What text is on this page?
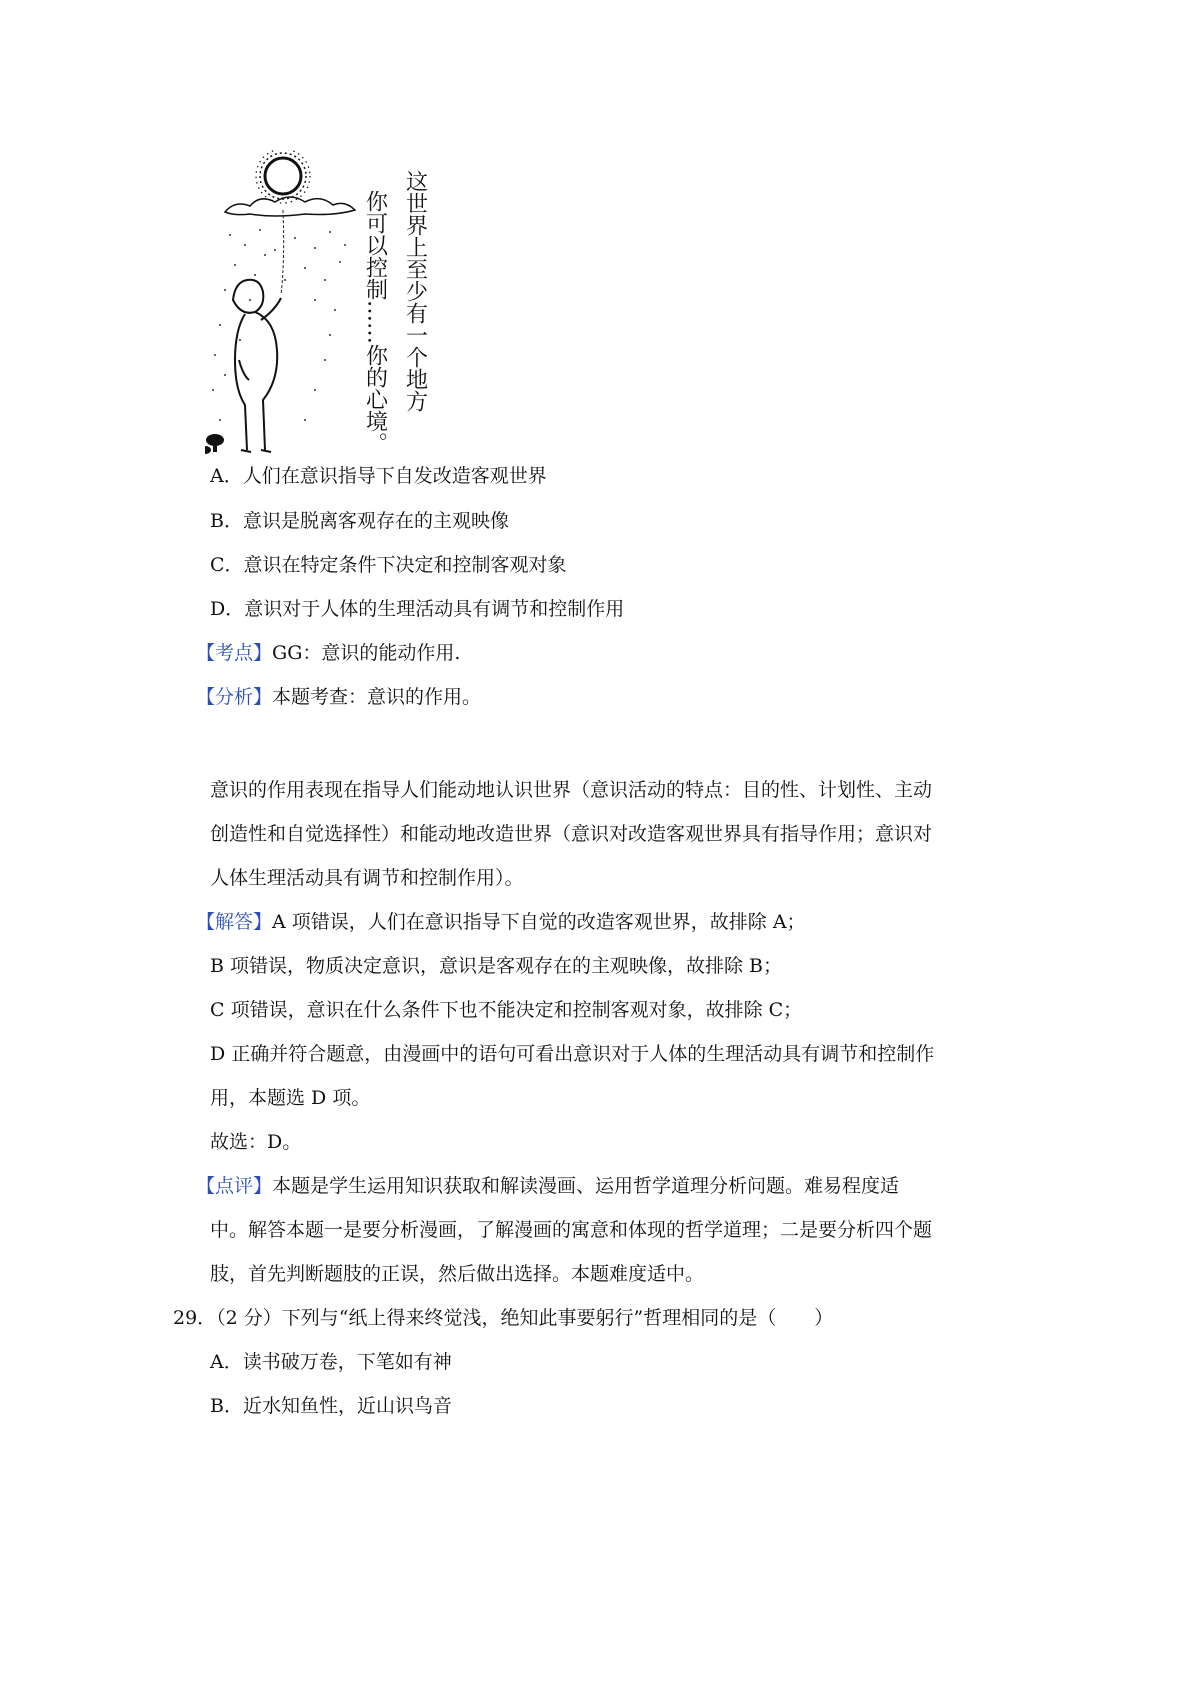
这世界上至少有一个地方
你可以控制……你的心境。
A．人们在意识指导下自发改造客观世界
B．意识是脱离客观存在的主观映像
C．意识在特定条件下决定和控制客观对象
D．意识对于人体的生理活动具有调节和控制作用
【考点】GG：意识的能动作用.
【分析】本题考查：意识的作用。
意识的作用表现在指导人们能动地认识世界（意识活动的特点：目的性、计划性、主动
创造性和自觉选择性）和能动地改造世界（意识对改造客观世界具有指导作用；意识对
人体生理活动具有调节和控制作用）。
【解答】A 项错误，人们在意识指导下自觉的改造客观世界，故排除 A；
B 项错误，物质决定意识，意识是客观存在的主观映像，故排除 B；
C 项错误，意识在什么条件下也不能决定和控制客观对象，故排除 C；
D 正确并符合题意，由漫画中的语句可看出意识对于人体的生理活动具有调节和控制作
用，本题选 D 项。
故选：D。
【点评】本题是学生运用知识获取和解读漫画、运用哲学道理分析问题。难易程度适
中。解答本题一是要分析漫画，了解漫画的寓意和体现的哲学道理；二是要分析四个题
肢，首先判断题肢的正误，然后做出选择。本题难度适中。
29．（2 分）下列与“纸上得来终觉浅，绝知此事要躬行”哲理相同的是（　　）
A．读书破万卷，下笔如有神
B．近水知鱼性，近山识鸟音
